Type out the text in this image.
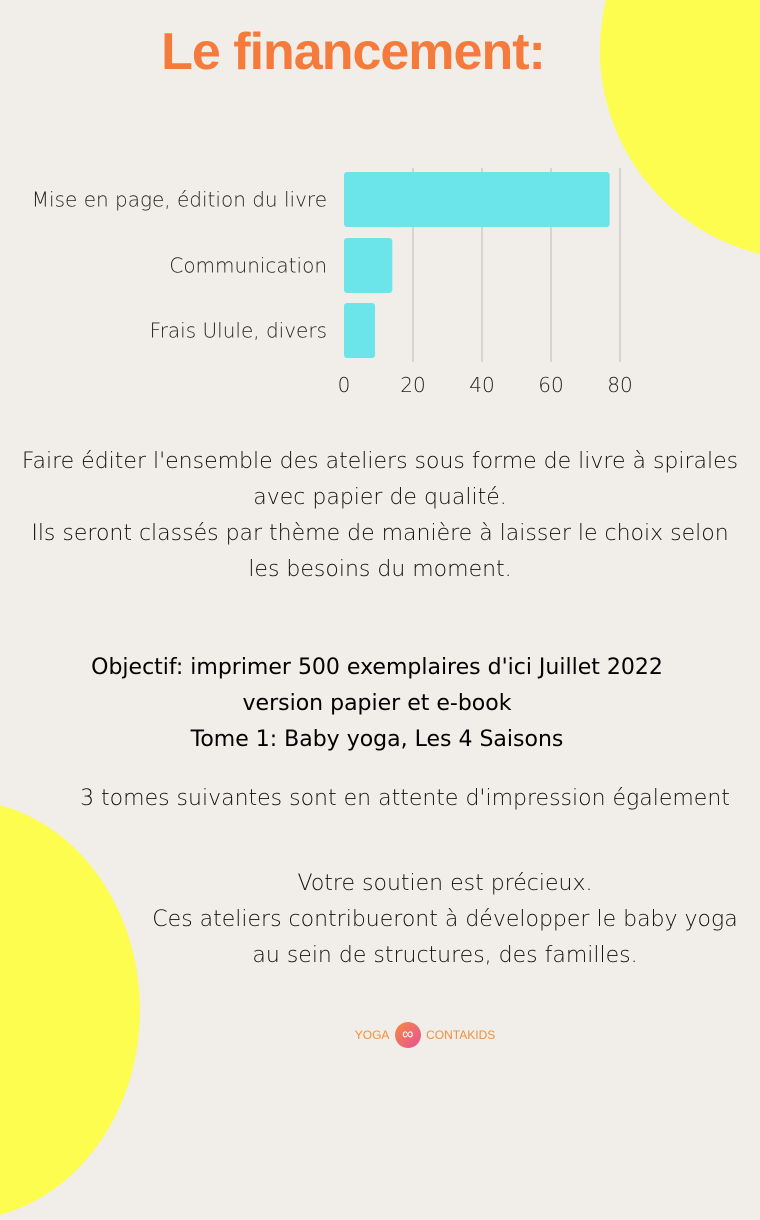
Le financement:
Mise en page, édition du livre
Communication
Frais Ulule, divers
0 20 40 60 80

Faire éditer l'ensemble des ateliers sous forme de livre à spirales
avec papier de qualité.
Ils seront classés par thème de manière à laisser le choix selon
les besoins du moment.

Objectif: imprimer 500 exemplaires d'ici Juillet 2022
version papier et e-book
Tome 1: Baby yoga, Les 4 Saisons
3 tomes suivantes sont en attente d'impression également
Votre soutien est précieux.
Ces ateliers contribueront à développer le baby yoga
au sein de structures, des familles.
YOGA ∞ CONTAKIDS
